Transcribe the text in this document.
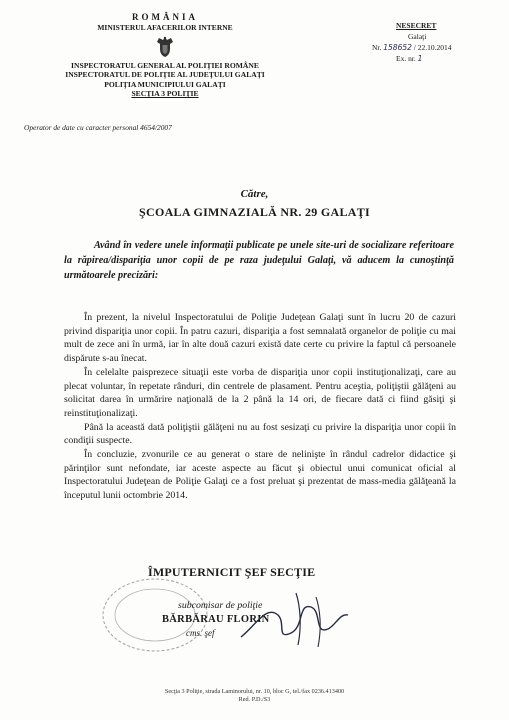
ROMÂNIA
MINISTERUL AFACERILOR INTERNE
INSPECTORATUL GENERAL AL POLIŢIEI ROMÂNE
INSPECTORATUL DE POLIŢIE AL JUDEŢULUI GALAŢI
POLIŢIA MUNICIPIULUI GALAŢI
SECŢIA 3 POLIŢIE
NESECRET
Galaţi
Nr. 158652 / 22.10.2014
Ex. nr. 1
Operator de date cu caracter personal 4654/2007
Către,
ŞCOALA GIMNAZIALĂ NR. 29 GALAŢI
Având în vedere unele informaţii publicate pe unele site-uri de socializare referitoare la răpirea/dispariţia unor copii de pe raza judeţului Galaţi, vă aducem la cunoştinţă următoarele precizări:

În prezent, la nivelul Inspectoratului de Poliţie Judeţean Galaţi sunt în lucru 20 de cazuri privind dispariţia unor copii. În patru cazuri, dispariţia a fost semnalată organelor de poliţie cu mai mult de zece ani în urmă, iar în alte două cazuri există date certe cu privire la faptul că persoanele dispărute s-au înecat.

În celelalte paisprezece situaţii este vorba de dispariţia unor copii instituţionalizaţi, care au plecat voluntar, în repetate rânduri, din centrele de plasament. Pentru aceştia, poliţiştii gălăţeni au solicitat darea în urmărire naţională de la 2 până la 14 ori, de fiecare dată ci fiind găsiţi şi reinstituţionalizaţi.

Până la această dată poliţiştii gălăţeni nu au fost sesizaţi cu privire la dispariţia unor copii în condiţii suspecte.

În concluzie, zvonurile ce au generat o stare de nelinişte în rândul cadrelor didactice şi părinţilor sunt nefondate, iar aceste aspecte au făcut şi obiectul unui comunicat oficial al Inspectoratului Judeţean de Poliţie Galaţi ce a fost preluat şi prezentat de mass-media gălăţeană la începutul lunii octombrie 2014.

ÎMPUTERNICIT ŞEF SECŢIE
subcomisar de poliţie
BĂRBĂRAU FLORIN
cms. şef
Secţia 3 Poliţie, strada Laminorului, nr. 10, bloc G, tel./fax 0236.413400
Red. P.D./S3
